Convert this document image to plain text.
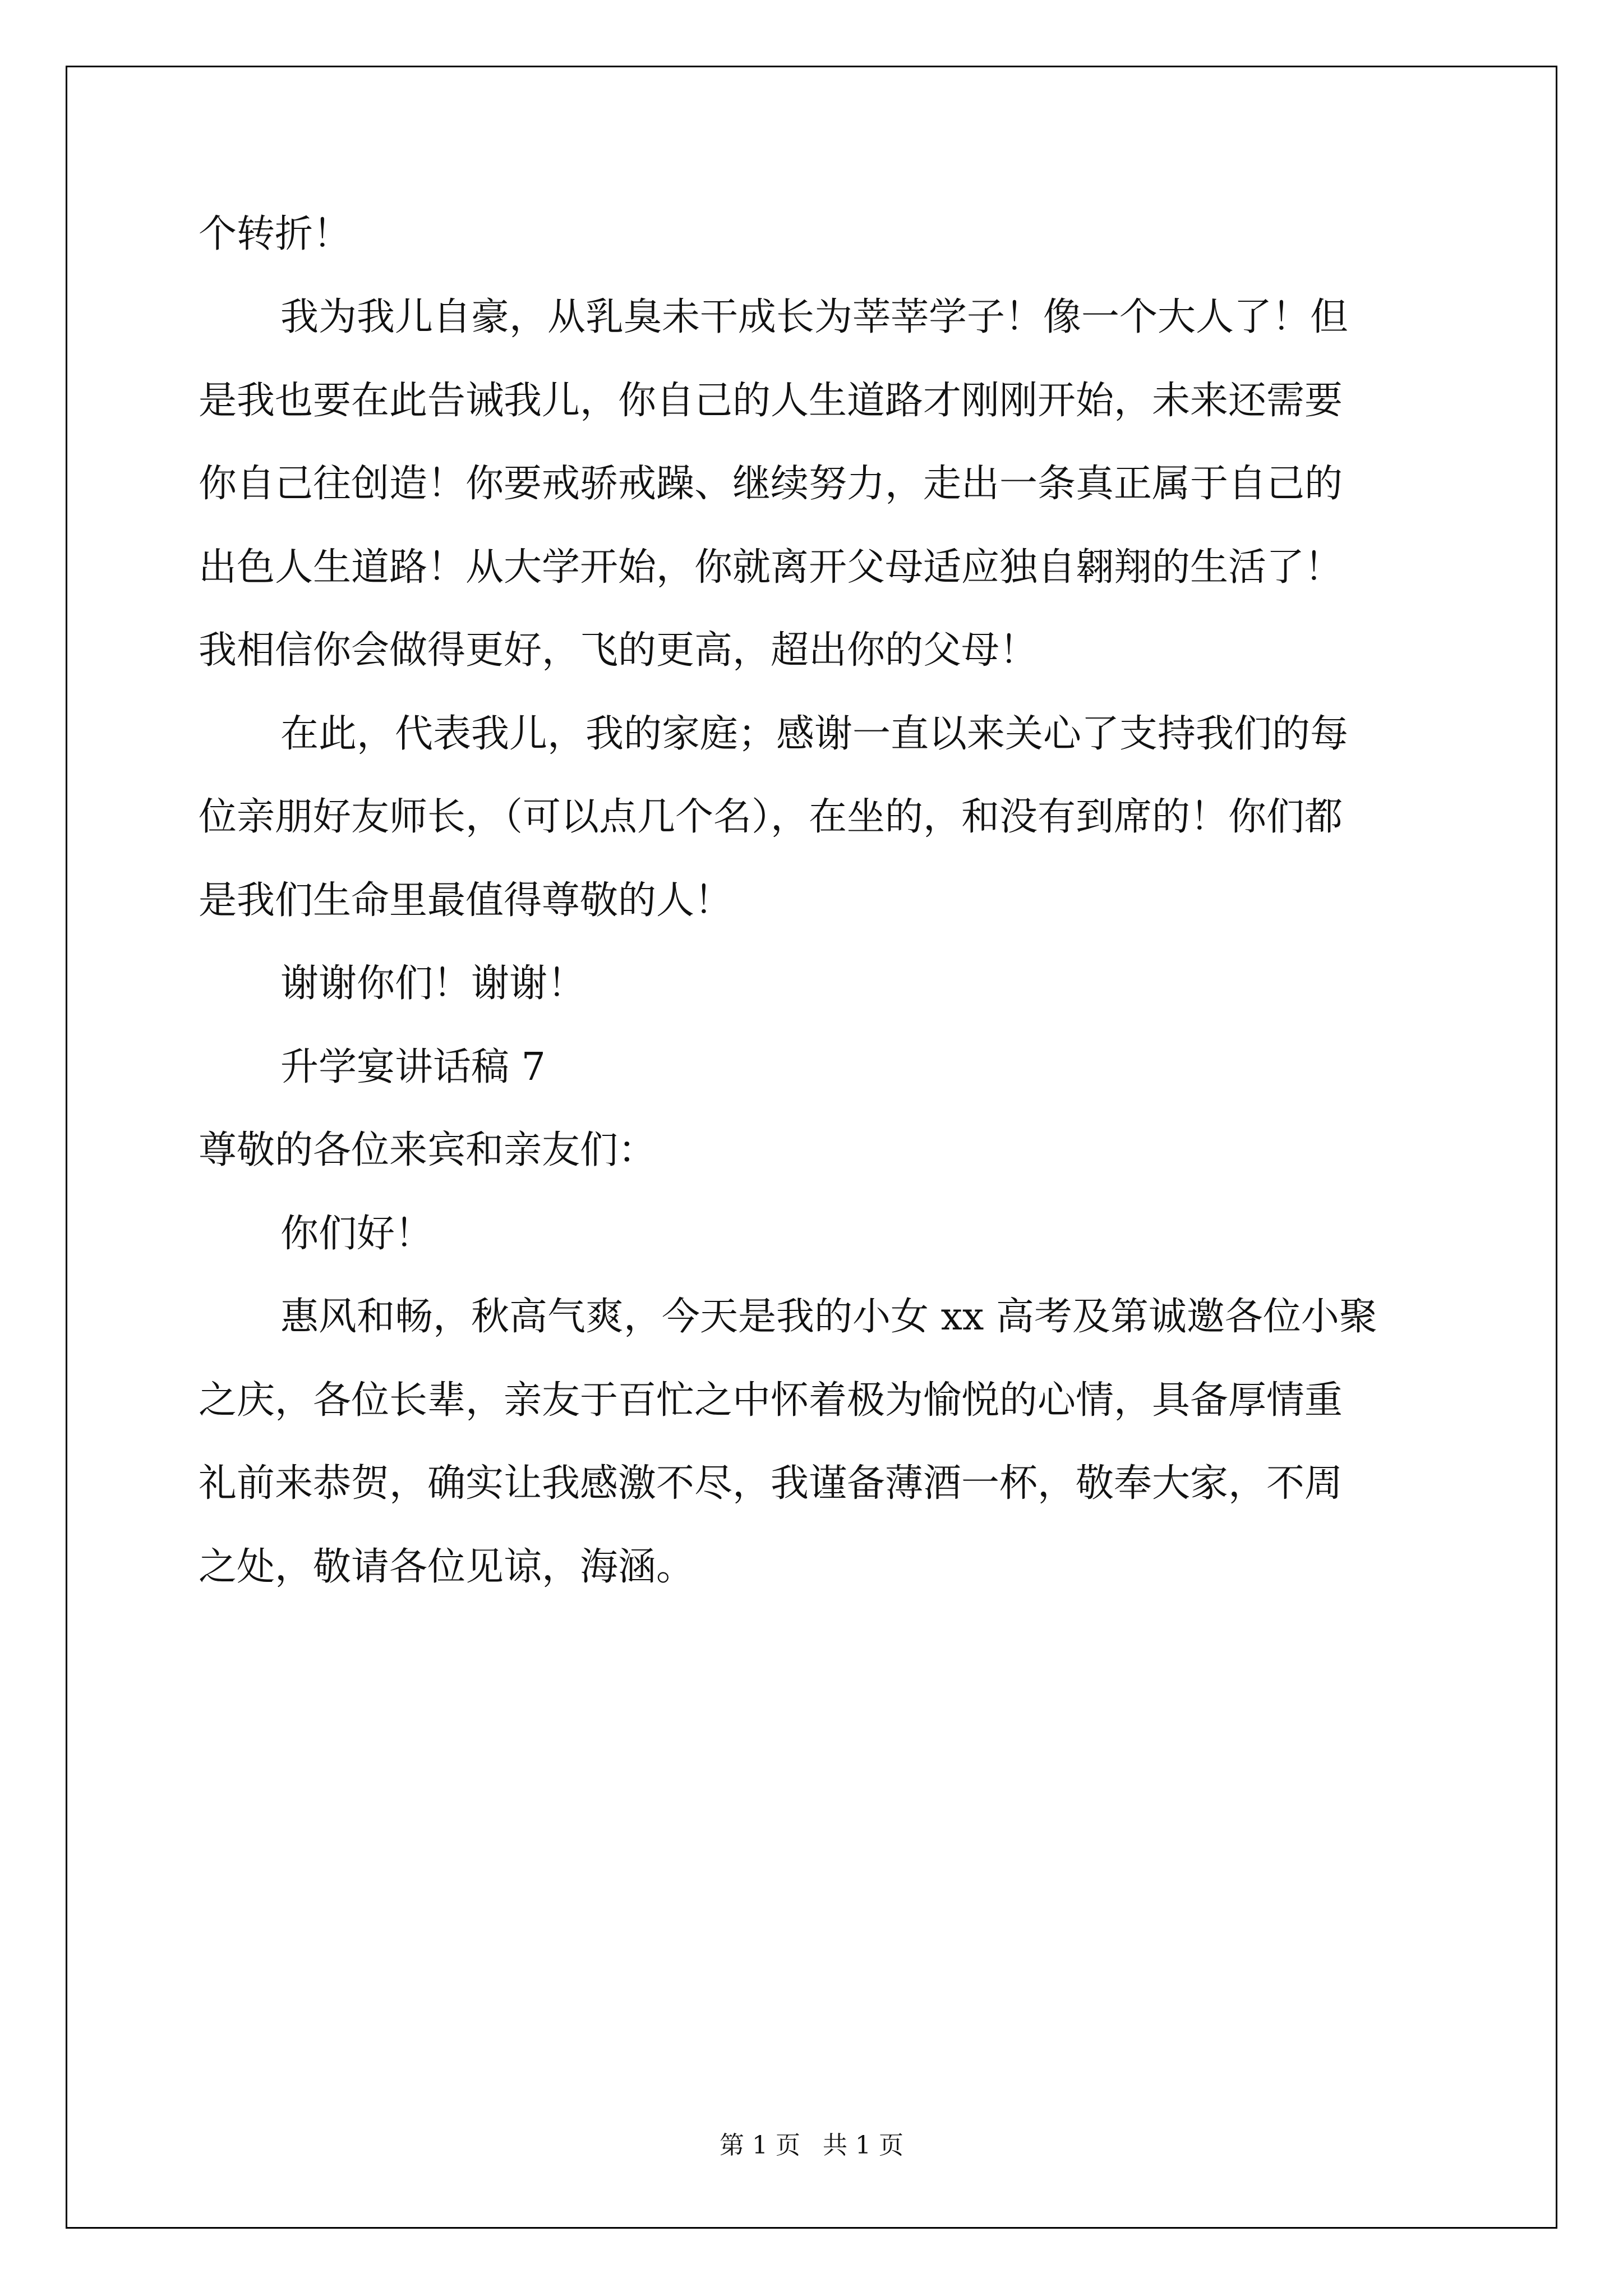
个转折！

我为我儿自豪，从乳臭未干成长为莘莘学子！像一个大人了！但

是我也要在此告诫我儿，你自己的人生道路才刚刚开始，未来还需要

你自己往创造！你要戒骄戒躁、继续努力，走出一条真正属于自己的

出色人生道路！从大学开始，你就离开父母适应独自翱翔的生活了！

我相信你会做得更好，飞的更高，超出你的父母！

在此，代表我儿，我的家庭；感谢一直以来关心了支持我们的每

位亲朋好友师长，（可以点几个名），在坐的，和没有到席的！你们都

是我们生命里最值得尊敬的人！

谢谢你们！谢谢！

升学宴讲话稿 7

尊敬的各位来宾和亲友们：

你们好！

惠风和畅，秋高气爽，今天是我的小女 xx 高考及第诚邀各位小聚

之庆，各位长辈，亲友于百忙之中怀着极为愉悦的心情，具备厚情重

礼前来恭贺，确实让我感激不尽，我谨备薄酒一杯，敬奉大家，不周

之处，敬请各位见谅，海涵。

第 1 页 共 1 页
